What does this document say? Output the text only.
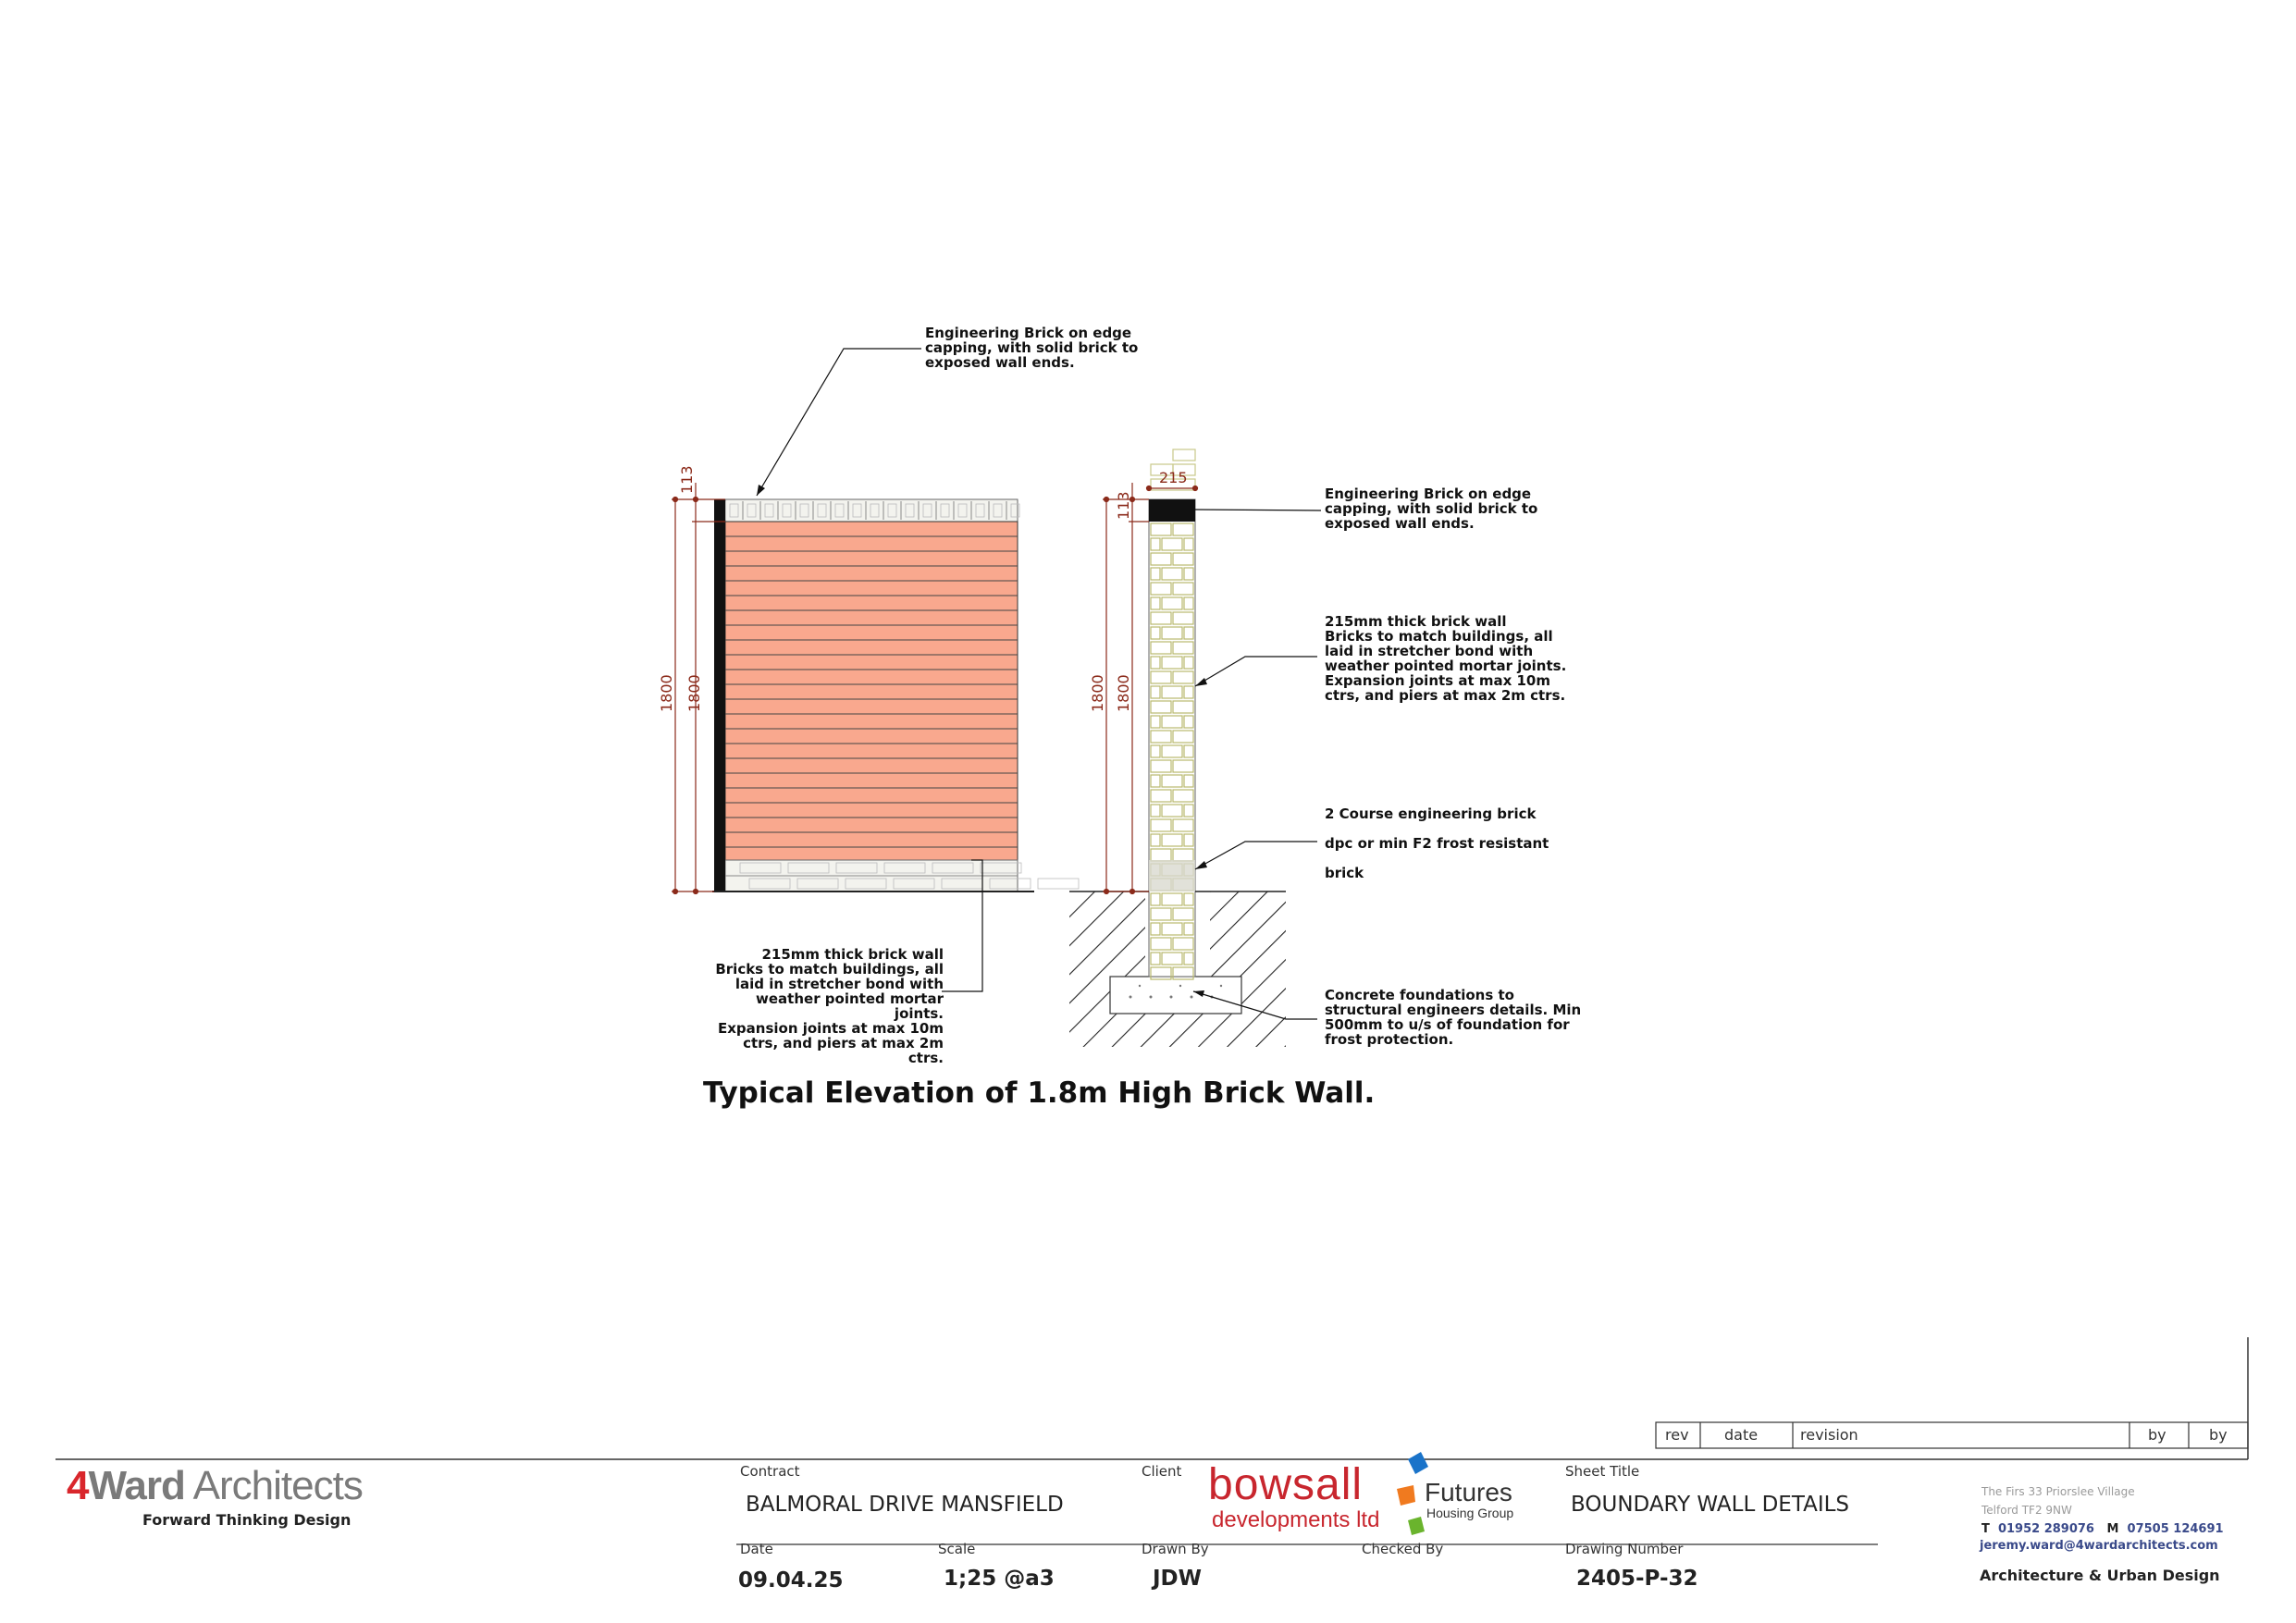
113
1800 1800
215
113
1800 1800
Engineering Brick on edge
capping, with solid brick to
exposed wall ends.
Engineering Brick on edge
capping, with solid brick to
exposed wall ends.
215mm thick brick wall
Bricks to match buildings, all
laid in stretcher bond with
weather pointed mortar joints.
Expansion joints at max 10m
ctrs, and piers at max 2m ctrs.
2 Course engineering brick
dpc or min F2 frost resistant
brick
Concrete foundations to
structural engineers details. Min
500mm to u/s of foundation for
frost protection.
215mm thick brick wall
Bricks to match buildings, all
laid in stretcher bond with
weather pointed mortar joints.
Expansion joints at max 10m
ctrs, and piers at max 2m ctrs.
Typical Elevation of 1.8m High Brick Wall.
rev date	revision	by	by
4Ward Architects
Forward Thinking Design
Contract
BALMORAL DRIVE MANSFIELD
Client bowsall
developments ltd
Futures
Housing Group
Sheet Title
BOUNDARY WALL DETAILS
Date
09.04.25
Scale
1;25 @a3
Drawn By
JDW
Checked By	Drawing Number
2405-P-32
The Firs 33 Priorslee Village
Telford TF2 9NW
T 01952 289076 M 07505 124691
jeremy.ward@4wardarchitects.com
Architecture & Urban Design
